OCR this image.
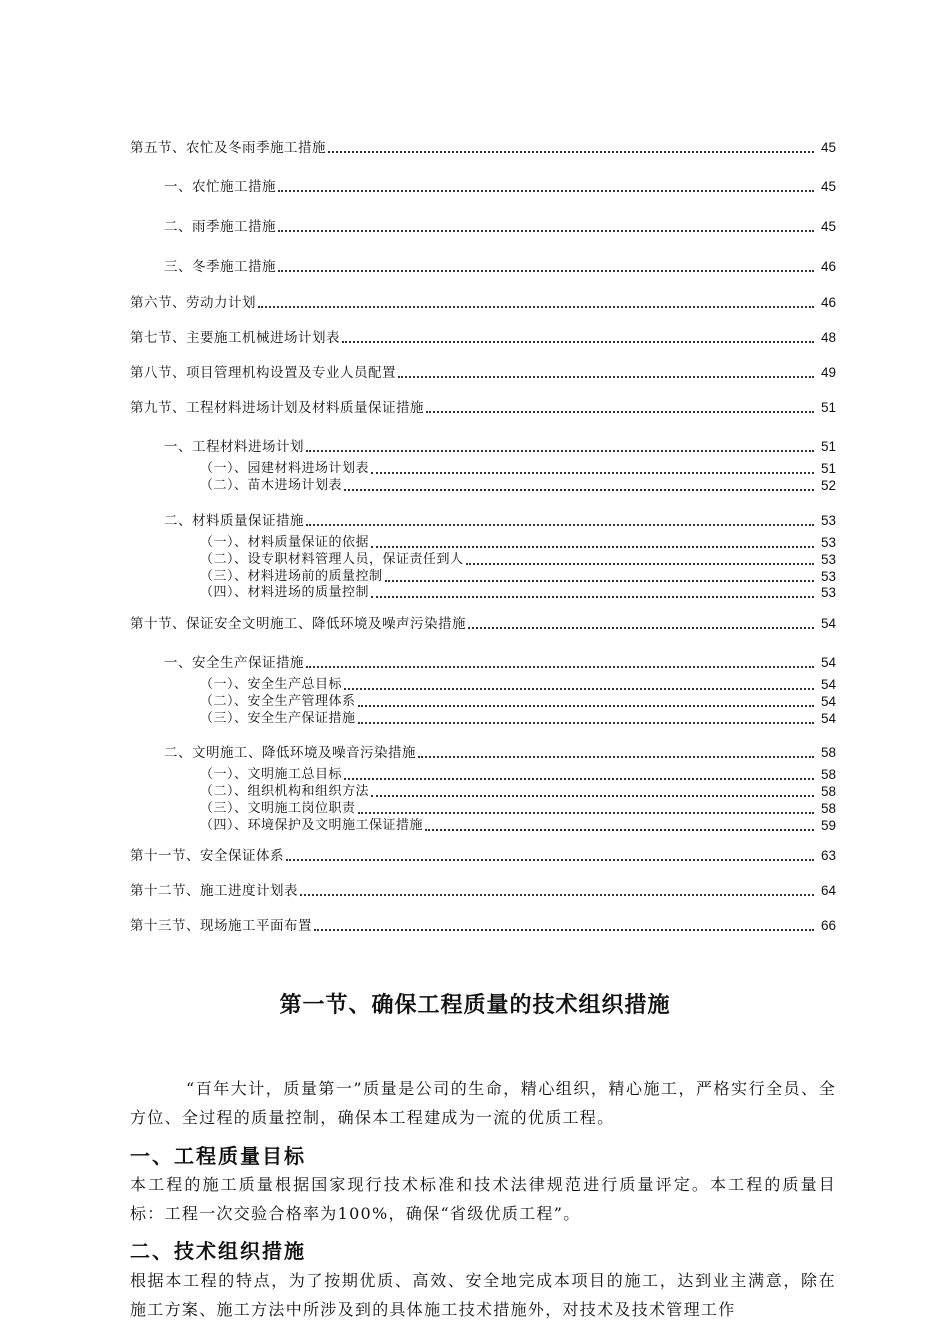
第五节、农忙及冬雨季施工措施	45
一、农忙施工措施	45
二、雨季施工措施	45
三、冬季施工措施	46
第六节、劳动力计划	46
第七节、主要施工机械进场计划表	48
第八节、项目管理机构设置及专业人员配置	49
第九节、工程材料进场计划及材料质量保证措施	51
一、工程材料进场计划	51
（一）、园建材料进场计划表	51
（二）、苗木进场计划表	52
二、材料质量保证措施	53
（一）、材料质量保证的依据	53
（二）、设专职材料管理人员，保证责任到人	53
（三）、材料进场前的质量控制	53
（四）、材料进场的质量控制	53
第十节、保证安全文明施工、降低环境及噪声污染措施	54
一、安全生产保证措施	54
（一）、安全生产总目标	54
（二）、安全生产管理体系	54
（三）、安全生产保证措施	54
二、文明施工、降低环境及噪音污染措施	58
（一）、文明施工总目标	58
（二）、组织机构和组织方法	58
（三）、文明施工岗位职责	58
（四）、环境保护及文明施工保证措施	59
第十一节、安全保证体系	63
第十二节、施工进度计划表	64
第十三节、现场施工平面布置	66
第一节、确保工程质量的技术组织措施
“百年大计，质量第一”质量是公司的生命，精心组织，精心施工，严格实行全员、全方位、全过程的质量控制，确保本工程建成为一流的优质工程。
一、工程质量目标
本工程的施工质量根据国家现行技术标准和技术法律规范进行质量评定。本工程的质量目标：工程一次交验合格率为100%，确保“省级优质工程”。
二、技术组织措施
根据本工程的特点，为了按期优质、高效、安全地完成本项目的施工，达到业主满意，除在施工方案、施工方法中所涉及到的具体施工技术措施外，对技术及技术管理工作
